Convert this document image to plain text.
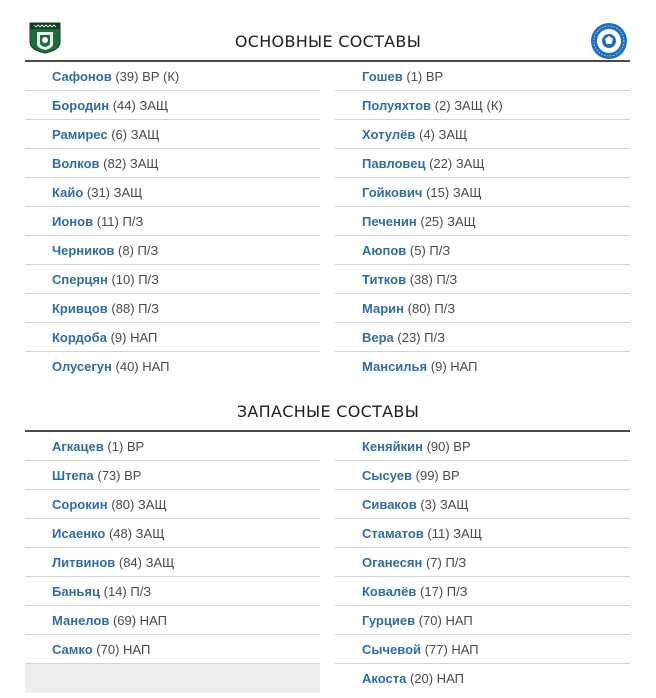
ОСНОВНЫЕ СОСТАВЫ
Сафонов (39) ВР (К)
Бородин (44) ЗАЩ
Рамирес (6) ЗАЩ
Волков (82) ЗАЩ
Кайо (31) ЗАЩ
Ионов (11) П/З
Черников (8) П/З
Сперцян (10) П/З
Кривцов (88) П/З
Кордоба (9) НАП
Олусегун (40) НАП
Гошев (1) ВР
Полуяхтов (2) ЗАЩ (К)
Хотулёв (4) ЗАЩ
Павловец (22) ЗАЩ
Гойкович (15) ЗАЩ
Печенин (25) ЗАЩ
Аюпов (5) П/З
Титков (38) П/З
Марин (80) П/З
Вера (23) П/З
Мансилья (9) НАП
ЗАПАСНЫЕ СОСТАВЫ
Агкацев (1) ВР
Штепа (73) ВР
Сорокин (80) ЗАЩ
Исаенко (48) ЗАЩ
Литвинов (84) ЗАЩ
Баньяц (14) П/З
Манелов (69) НАП
Самко (70) НАП
Кеняйкин (90) ВР
Сысуев (99) ВР
Сиваков (3) ЗАЩ
Стаматов (11) ЗАЩ
Оганесян (7) П/З
Ковалёв (17) П/З
Гурциев (70) НАП
Сычевой (77) НАП
Акоста (20) НАП
